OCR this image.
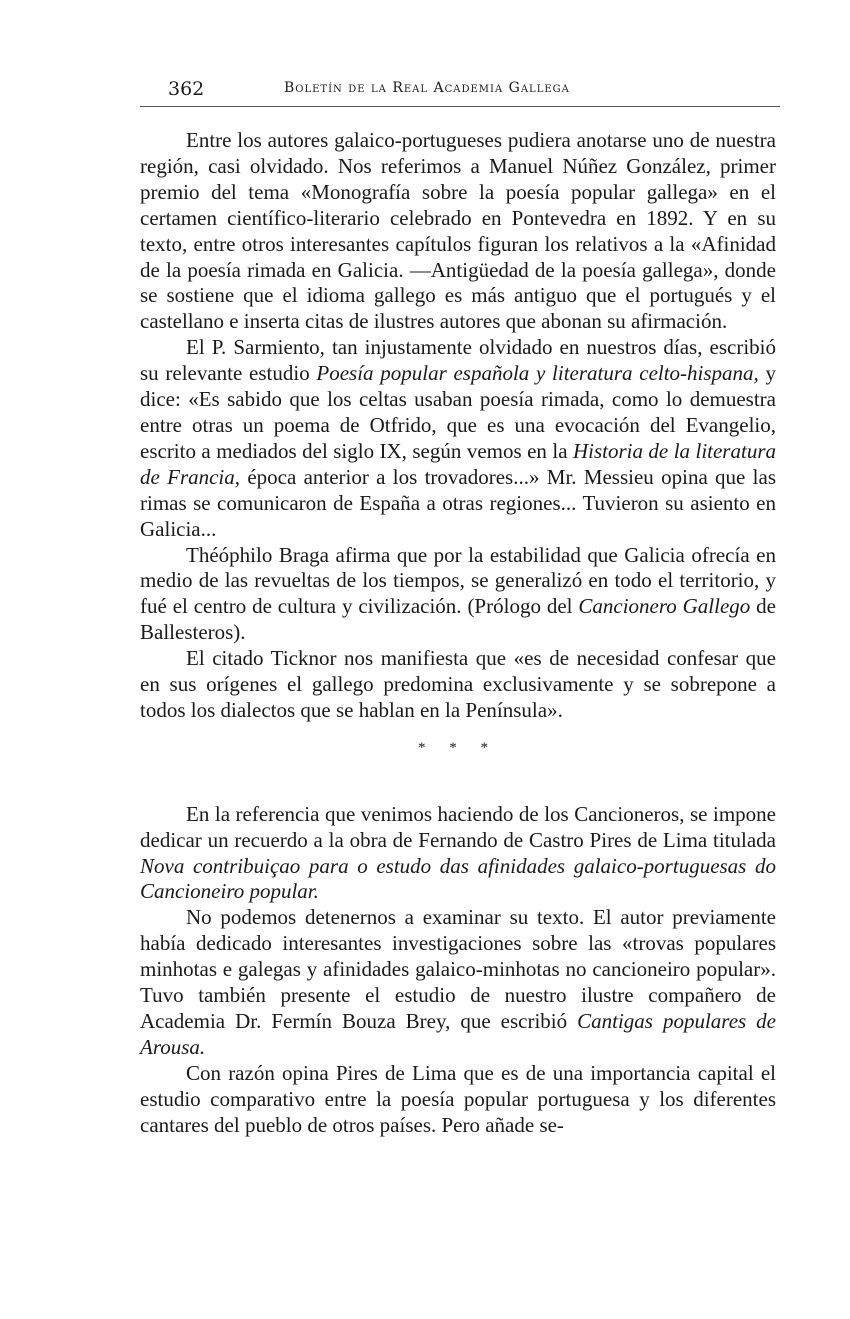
362	Boletín de la Real Academia Gallega

Entre los autores galaico-portugueses pudiera anotarse uno de nuestra región, casi olvidado. Nos referimos a Manuel Núñez González, primer premio del tema «Monografía sobre la poesía popular gallega» en el certamen científico-literario celebrado en Pontevedra en 1892. Y en su texto, entre otros interesantes capítulos figuran los relativos a la «Afinidad de la poesía rimada en Galicia. —Antigüedad de la poesía gallega», donde se sostiene que el idioma gallego es más antiguo que el portugués y el castellano e inserta citas de ilustres autores que abonan su afirmación.

El P. Sarmiento, tan injustamente olvidado en nuestros días, escribió su relevante estudio Poesía popular española y literatura celto-hispana, y dice: «Es sabido que los celtas usaban poesía rimada, como lo demuestra entre otras un poema de Otfrido, que es una evocación del Evangelio, escrito a mediados del siglo IX, según vemos en la Historia de la literatura de Francia, época anterior a los trovadores...» Mr. Messieu opina que las rimas se comunicaron de España a otras regiones... Tuvieron su asiento en Galicia...

Théóphilo Braga afirma que por la estabilidad que Galicia ofrecía en medio de las revueltas de los tiempos, se generalizó en todo el territorio, y fué el centro de cultura y civilización. (Prólogo del Cancionero Gallego de Ballesteros).

El citado Ticknor nos manifiesta que «es de necesidad confesar que en sus orígenes el gallego predomina exclusivamente y se sobrepone a todos los dialectos que se hablan en la Península».

* * *

En la referencia que venimos haciendo de los Cancioneros, se impone dedicar un recuerdo a la obra de Fernando de Castro Pires de Lima titulada Nova contribuiçao para o estudo das afinidades galaico-portuguesas do Cancioneiro popular.

No podemos detenernos a examinar su texto. El autor previamente había dedicado interesantes investigaciones sobre las «trovas populares minhotas e galegas y afinidades galaico-minhotas no cancioneiro popular». Tuvo también presente el estudio de nuestro ilustre compañero de Academia Dr. Fermín Bouza Brey, que escribió Cantigas populares de Arousa.

Con razón opina Pires de Lima que es de una importancia capital el estudio comparativo entre la poesía popular portuguesa y los diferentes cantares del pueblo de otros países. Pero añade se-
